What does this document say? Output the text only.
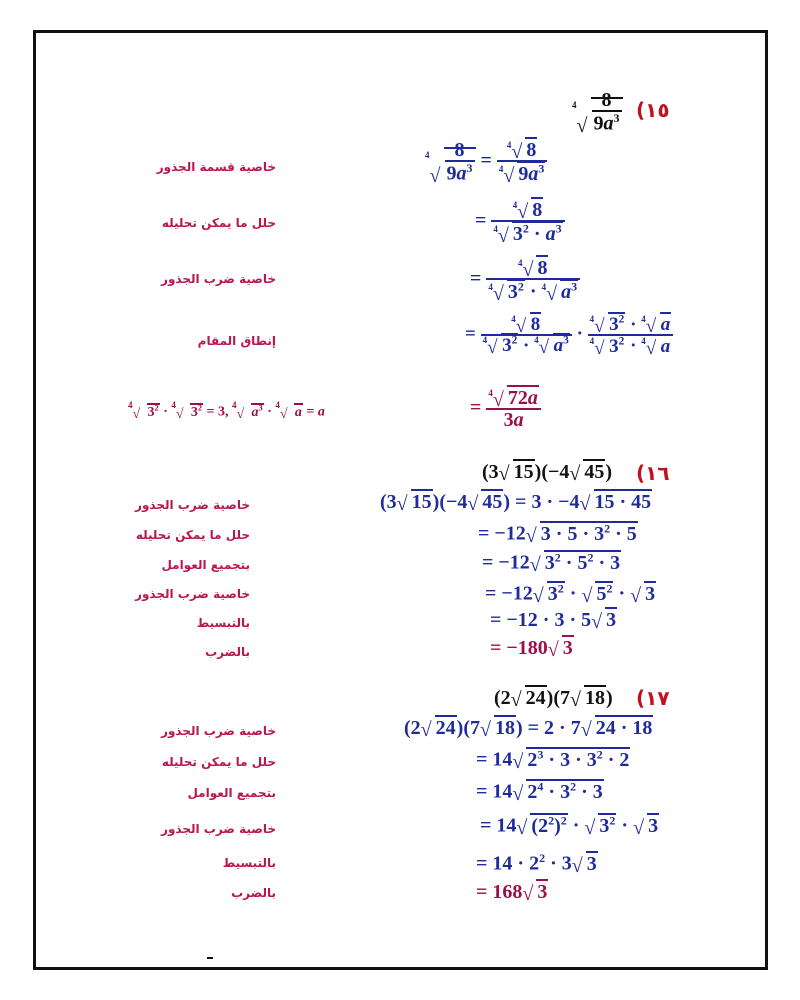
١٥)
$^4$
√ $\frac{8}{9a^3}$
خاصية قسمة الجذور
$^4$
√ $\frac{8}{9a^3} = \frac{^4√ 8}{^4√ 9a^3}$
حلل ما يمكن تحليله	= $\frac{^4√ 8}{^4√ 3^2 \cdot a^3}$
خاصية ضرب الجذور	= $\frac{^4√ 8}{^4√ 3^2 \cdot ^4√ a^3}$
إنطاق المقام	= $\frac{^4√ 8}{^4√ 3^2 \cdot ^4√ a^3} \cdot \frac{^4√ 3^2 \cdot ^4√ a}{^4√ 3^2 \cdot ^4√ a}$
$^4$√ $3^2 \cdot ^4√$ $3^2 = 3$, $^4$√ $a^3 \cdot ^4√$ a = a	= $\frac{^4√ 72a}{3a}$
١٦)
(3√ 15)(−4√ 45)
خاصية ضرب الجذور	(3√ 15)(−4√ 45) = 3 · −4√ 15 · 45
حلل ما يمكن تحليله	= −12√ $3 \cdot 5 \cdot 3^2 \cdot 5$
بتجميع العوامل	= −12√ $3^2 \cdot 5^2 \cdot 3$
خاصية ضرب الجذور	= −12√ $3^2$ · √ $5^2$ · √ 3
بالتبسيط	= −12 · 3 · 5√ 3
بالضرب	= −180√ 3
١٧)
(2√ 24)(7√ 18)
خاصية ضرب الجذور	(2√ 24)(7√ 18) = 2 · 7√ 24 · 18
حلل ما يمكن تحليله	= 14√ $2^3 \cdot 3 \cdot 3^2 \cdot 2$
بتجميع العوامل	= 14√ $2^4 \cdot 3^2 \cdot 3$
خاصية ضرب الجذور	= 14√ $(2^2)^2$ · √ $3^2$ · √ 3
بالتبسيط	= $14 \cdot 2^2 \cdot 3√$ 3
بالضرب	= 168√ 3
